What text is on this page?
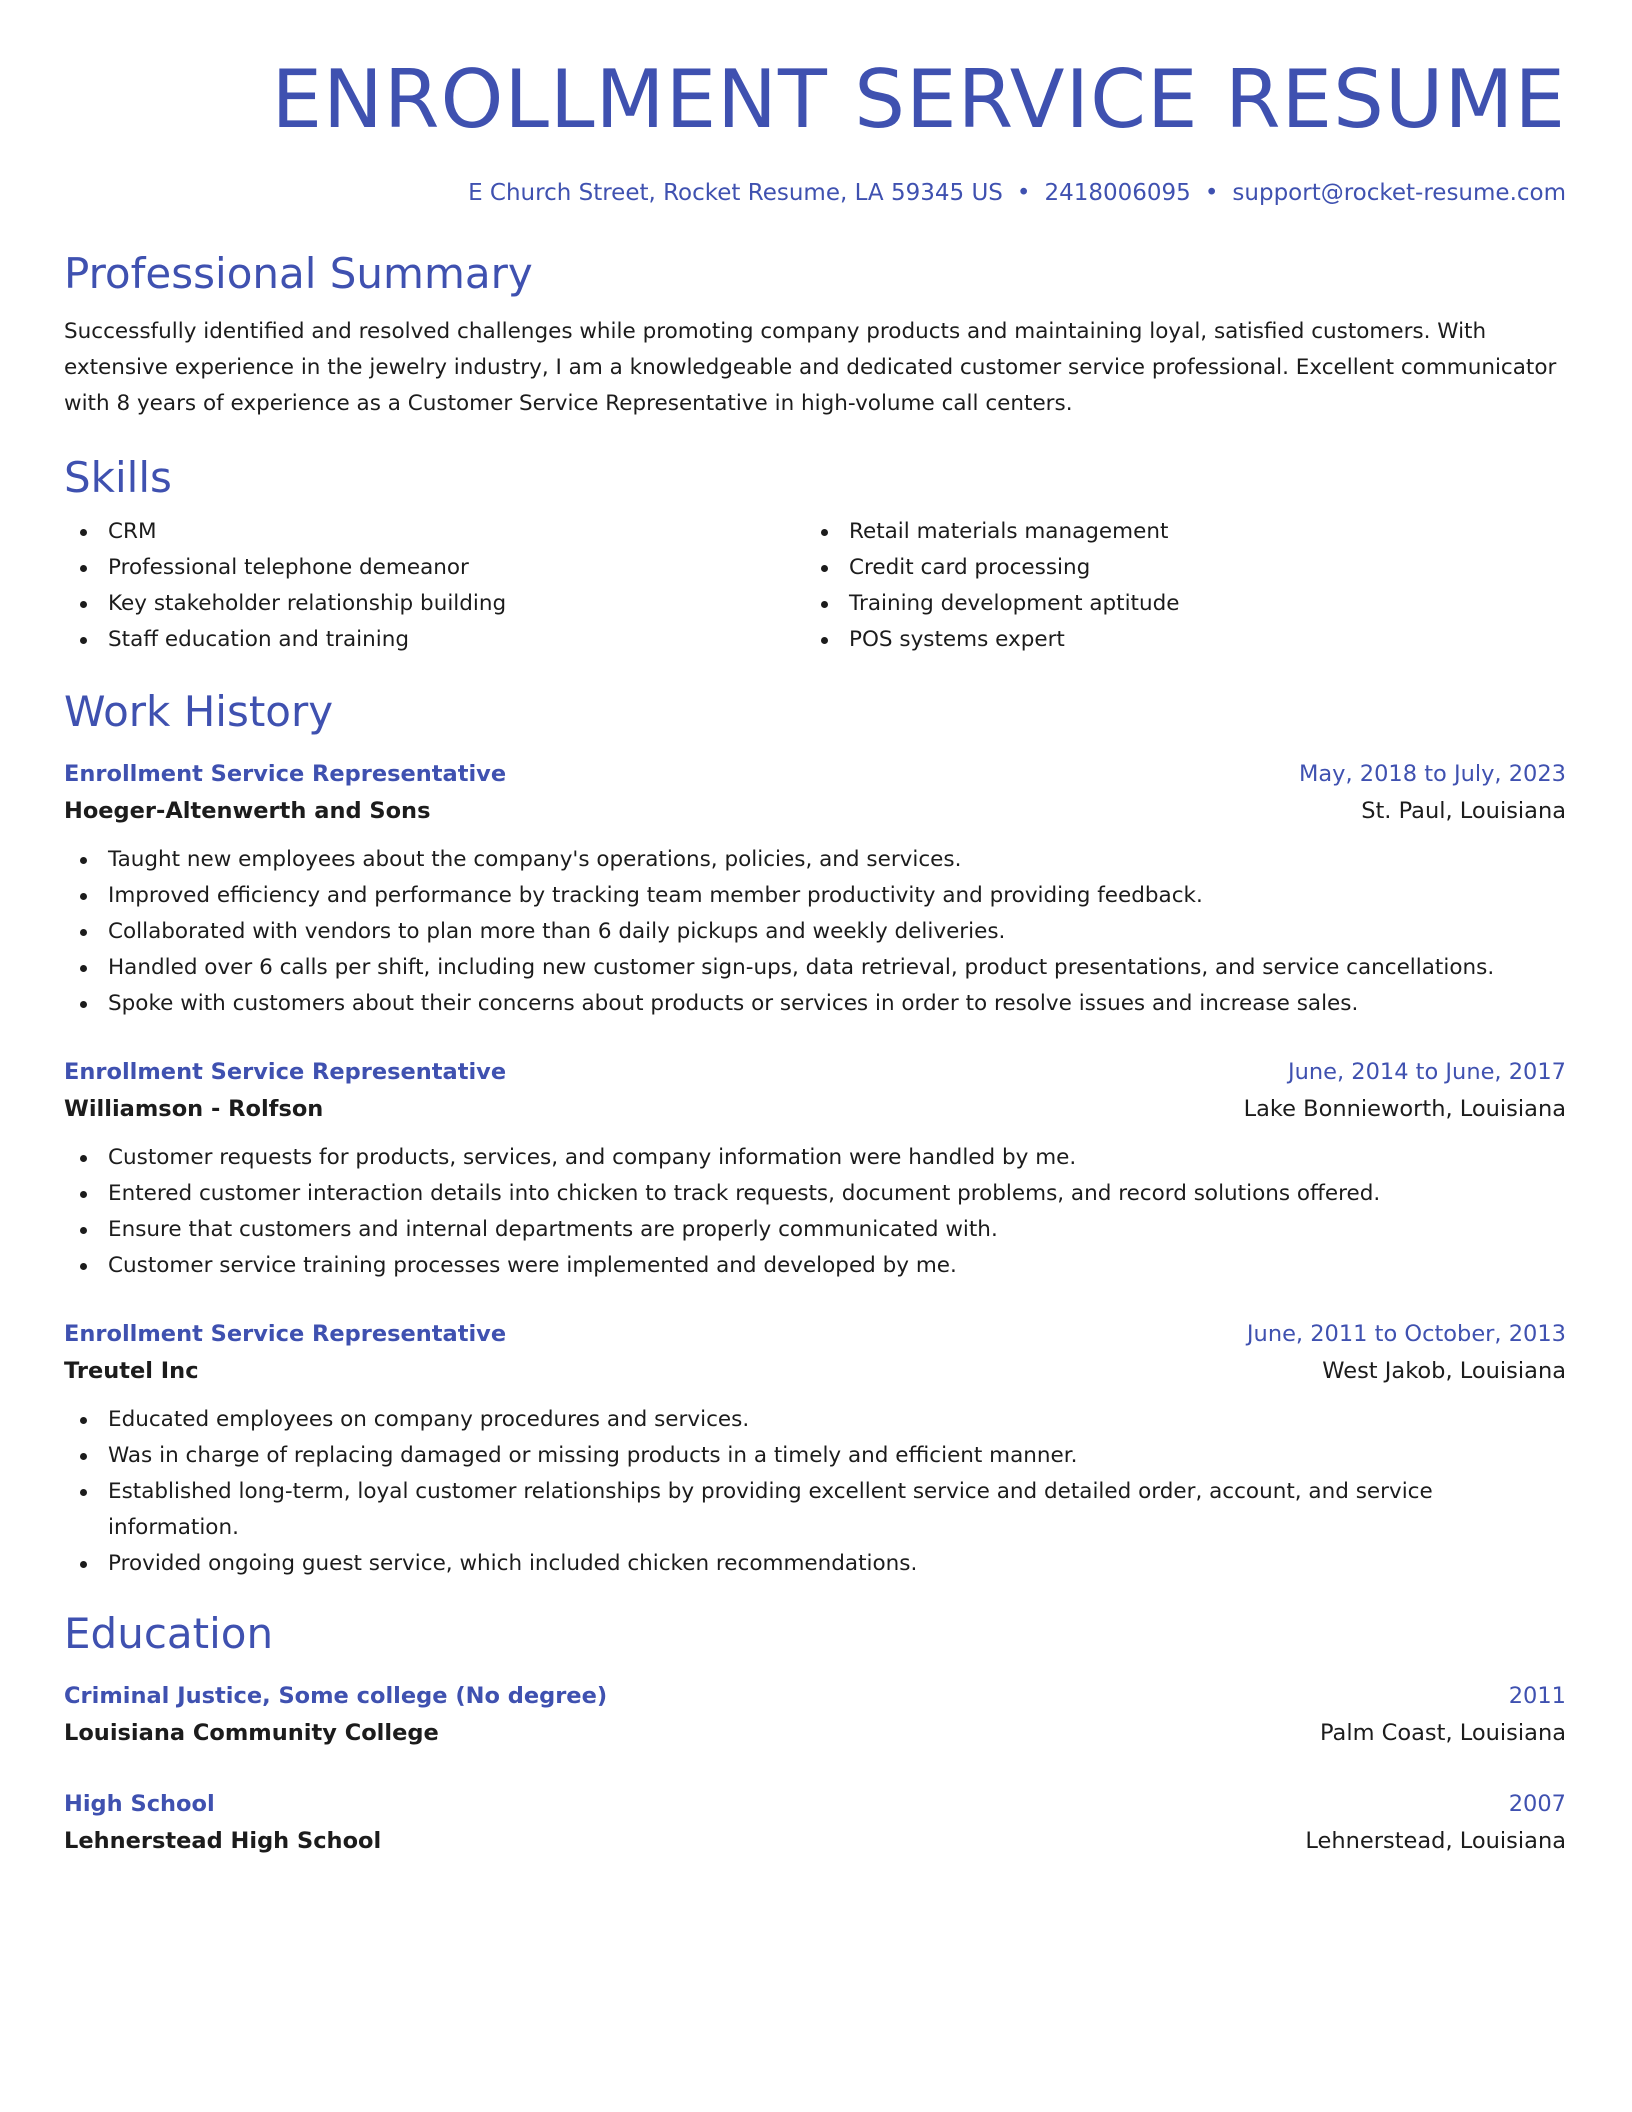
ENROLLMENT SERVICE RESUME
E Church Street, Rocket Resume, LA 59345 US • 2418006095 • support@rocket-resume.com
Professional Summary

Successfully identified and resolved challenges while promoting company products and maintaining loyal, satisfied customers. With extensive experience in the jewelry industry, I am a knowledgeable and dedicated customer service professional. Excellent communicator with 8 years of experience as a Customer Service Representative in high-volume call centers.

Skills
CRM
Professional telephone demeanor
Key stakeholder relationship building
Staff education and training
Retail materials management
Credit card processing
Training development aptitude
POS systems expert
Work History
Enrollment Service Representative	May, 2018 to July, 2023
Hoeger-Altenwerth and Sons	St. Paul, Louisiana
Taught new employees about the company's operations, policies, and services.
Improved efficiency and performance by tracking team member productivity and providing feedback.
Collaborated with vendors to plan more than 6 daily pickups and weekly deliveries.
Handled over 6 calls per shift, including new customer sign-ups, data retrieval, product presentations, and service cancellations.
Spoke with customers about their concerns about products or services in order to resolve issues and increase sales.
Enrollment Service Representative	June, 2014 to June, 2017
Williamson - Rolfson	Lake Bonnieworth, Louisiana
Customer requests for products, services, and company information were handled by me.
Entered customer interaction details into chicken to track requests, document problems, and record solutions offered.
Ensure that customers and internal departments are properly communicated with.
Customer service training processes were implemented and developed by me.
Enrollment Service Representative	June, 2011 to October, 2013
Treutel Inc	West Jakob, Louisiana
Educated employees on company procedures and services.
Was in charge of replacing damaged or missing products in a timely and efficient manner.
Established long-term, loyal customer relationships by providing excellent service and detailed order, account, and service information.
Provided ongoing guest service, which included chicken recommendations.
Education
Criminal Justice, Some college (No degree)	2011
Louisiana Community College	Palm Coast, Louisiana
High School	2007
Lehnerstead High School	Lehnerstead, Louisiana
